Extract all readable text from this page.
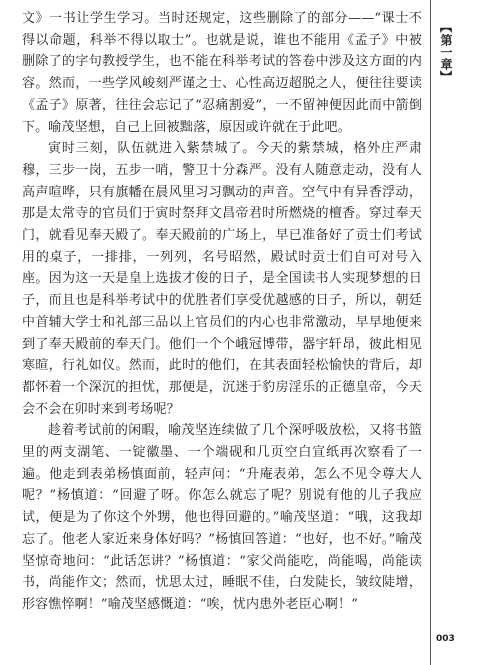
文》一书让学生学习。当时还规定，这些删除了的部分——“课士不得以命题，科举不得以取士”。也就是说，谁也不能用《孟子》中被删除了的字句教授学生，也不能在科举考试的答卷中涉及这方面的内容。然而，一些学风峻刻严谨之士、心性高迈超脱之人，便往往要读《孟子》原著，往往会忘记了“忍痛割爱”，一不留神便因此而中箭倒下。喻茂坚想，自己上回被黜落，原因或许就在于此吧。

寅时三刻，队伍就进入紫禁城了。今天的紫禁城，格外庄严肃穆，三步一岗，五步一哨，警卫十分森严。没有人随意走动，没有人高声喧哗，只有旗幡在晨风里习习飘动的声音。空气中有异香浮动，那是太常寺的官员们于寅时祭拜文昌帝君时所燃烧的檀香。穿过奉天门，就看见奉天殿了。奉天殿前的广场上，早已准备好了贡士们考试用的桌子，一排排，一列列，名号昭然，殿试时贡士们自可对号入座。因为这一天是皇上选拔才俊的日子，是全国读书人实现梦想的日子，而且也是科举考试中的优胜者们享受优越感的日子，所以，朝廷中首辅大学士和礼部三品以上官员们的内心也非常激动，早早地便来到了奉天殿前的奉天门。他们一个个峨冠博带，器宇轩昂，彼此相见寒暄，行礼如仪。然而，此时的他们，在其表面轻松愉快的背后，却都怀着一个深沉的担忧，那便是，沉迷于豹房淫乐的正德皇帝，今天会不会在卯时来到考场呢？

趁着考试前的闲暇，喻茂坚连续做了几个深呼吸放松，又将书篮里的两支湖笔、一锭徽墨、一个端砚和几页空白宣纸再次察看了一遍。他走到表弟杨慎面前，轻声问：“升庵表弟，怎么不见令尊大人呢？”杨慎道：“回避了呀。你怎么就忘了呢？别说有他的儿子我应试，便是为了你这个外甥，他也得回避的。”喻茂坚道：“哦，这我却忘了。他老人家近来身体好吗？”杨慎回答道：“也好，也不好。”喻茂坚惊奇地问：“此话怎讲？”杨慎道：“家父尚能吃，尚能喝，尚能读书，尚能作文；然而，忧思太过，睡眠不佳，白发陡长，皱纹陡增，形容憔悴啊！”喻茂坚感慨道：“唉，忧内患外老臣心啊！”

︻
第一章
︼
003
